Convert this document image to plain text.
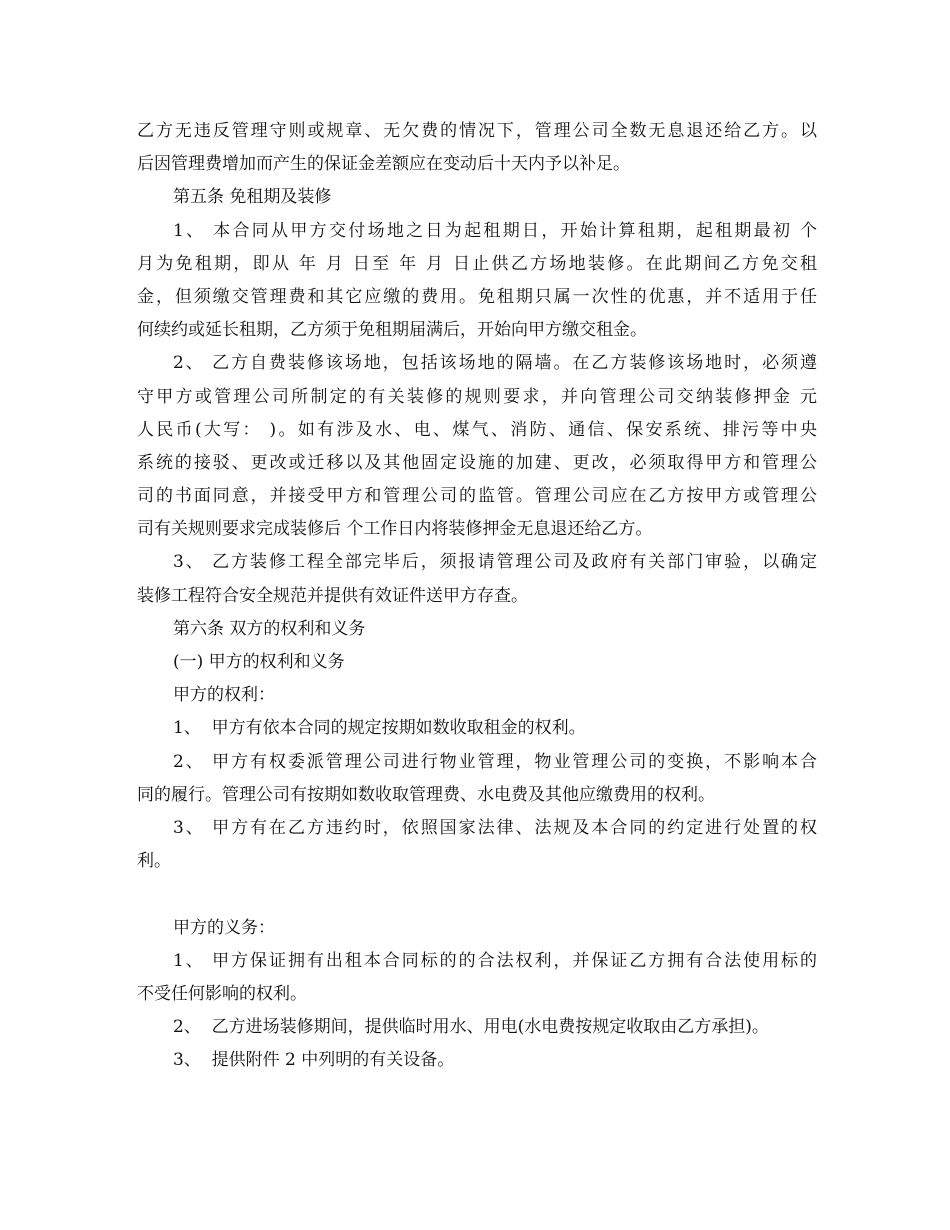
乙方无违反管理守则或规章、无欠费的情况下，管理公司全数无息退还给乙方。以
后因管理费增加而产生的保证金差额应在变动后十天内予以补足。
第五条 免租期及装修
1、 本合同从甲方交付场地之日为起租期日，开始计算租期，起租期最初 个
月为免租期，即从 年 月 日至 年 月 日止供乙方场地装修。在此期间乙方免交租
金，但须缴交管理费和其它应缴的费用。免租期只属一次性的优惠，并不适用于任
何续约或延长租期，乙方须于免租期届满后，开始向甲方缴交租金。
2、 乙方自费装修该场地，包括该场地的隔墙。在乙方装修该场地时，必须遵
守甲方或管理公司所制定的有关装修的规则要求，并向管理公司交纳装修押金 元
人民币(大写： )。如有涉及水、电、煤气、消防、通信、保安系统、排污等中央
系统的接驳、更改或迁移以及其他固定设施的加建、更改，必须取得甲方和管理公
司的书面同意，并接受甲方和管理公司的监管。管理公司应在乙方按甲方或管理公
司有关规则要求完成装修后 个工作日内将装修押金无息退还给乙方。
3、 乙方装修工程全部完毕后，须报请管理公司及政府有关部门审验，以确定
装修工程符合安全规范并提供有效证件送甲方存查。
第六条 双方的权利和义务
(一) 甲方的权利和义务
甲方的权利：
1、  甲方有依本合同的规定按期如数收取租金的权利。
2、 甲方有权委派管理公司进行物业管理，物业管理公司的变换，不影响本合
同的履行。管理公司有按期如数收取管理费、水电费及其他应缴费用的权利。
3、 甲方有在乙方违约时，依照国家法律、法规及本合同的约定进行处置的权
利。
甲方的义务：
1、 甲方保证拥有出租本合同标的的合法权利，并保证乙方拥有合法使用标的
不受任何影响的权利。
2、  乙方进场装修期间，提供临时用水、用电(水电费按规定收取由乙方承担)。
3、  提供附件 2 中列明的有关设备。
